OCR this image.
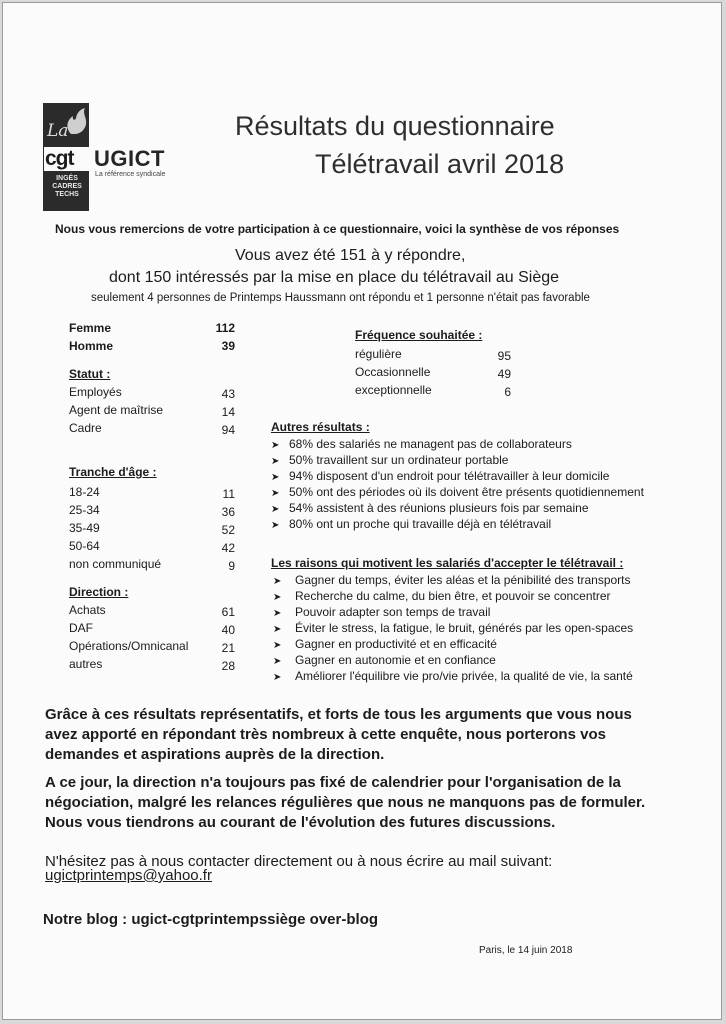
La
cgt
INGÉS
CADRES
TECHS
UGICT
La référence syndicale
Résultats du questionnaire
Télétravail avril 2018
Nous vous remercions de votre participation à ce questionnaire, voici la synthèse de vos réponses
Vous avez été 151 à y répondre,
dont 150 intéressés par la mise en place du télétravail au Siège
seulement 4 personnes de Printemps Haussmann ont répondu et 1 personne n'était pas favorable
Femme	112
Homme	39
Statut :
Employés	43
Agent de maîtrise	14
Cadre	94
Tranche d'âge :
18-24	11
25-34	36
35-49	52
50-64	42
non communiqué	9
Direction :
Achats	61
DAF	40
Opérations/Omnicanal	21
autres	28
Fréquence souhaitée :
régulière	95
Occasionnelle	49
exceptionnelle	6
Autres résultats :
➤ 68% des salariés ne managent pas de collaborateurs
➤ 50% travaillent sur un ordinateur portable
➤ 94% disposent d'un endroit pour télétravailler à leur domicile
➤ 50% ont des périodes où ils doivent être présents quotidiennement
➤ 54% assistent à des réunions plusieurs fois par semaine
➤ 80% ont un proche qui travaille déjà en télétravail
Les raisons qui motivent les salariés d'accepter le télétravail :
➤ Gagner du temps, éviter les aléas et la pénibilité des transports
➤ Recherche du calme, du bien être, et pouvoir se concentrer
➤ Pouvoir adapter son temps de travail
➤ Éviter le stress, la fatigue, le bruit, générés par les open-spaces
➤ Gagner en productivité et en efficacité
➤ Gagner en autonomie et en confiance
➤ Améliorer l'équilibre vie pro/vie privée, la qualité de vie, la santé
Grâce à ces résultats représentatifs, et forts de tous les arguments que vous nous avez apporté en répondant très nombreux à cette enquête, nous porterons vos demandes et aspirations auprès de la direction.
A ce jour, la direction n'a toujours pas fixé de calendrier pour l'organisation de la négociation, malgré les relances régulières que nous ne manquons pas de formuler. Nous vous tiendrons au courant de l'évolution des futures discussions.
N'hésitez pas à nous contacter directement ou à nous écrire au mail suivant:
ugictprintemps@yahoo.fr
Notre blog : ugict-cgtprintempssiège over-blog
Paris, le 14 juin 2018
